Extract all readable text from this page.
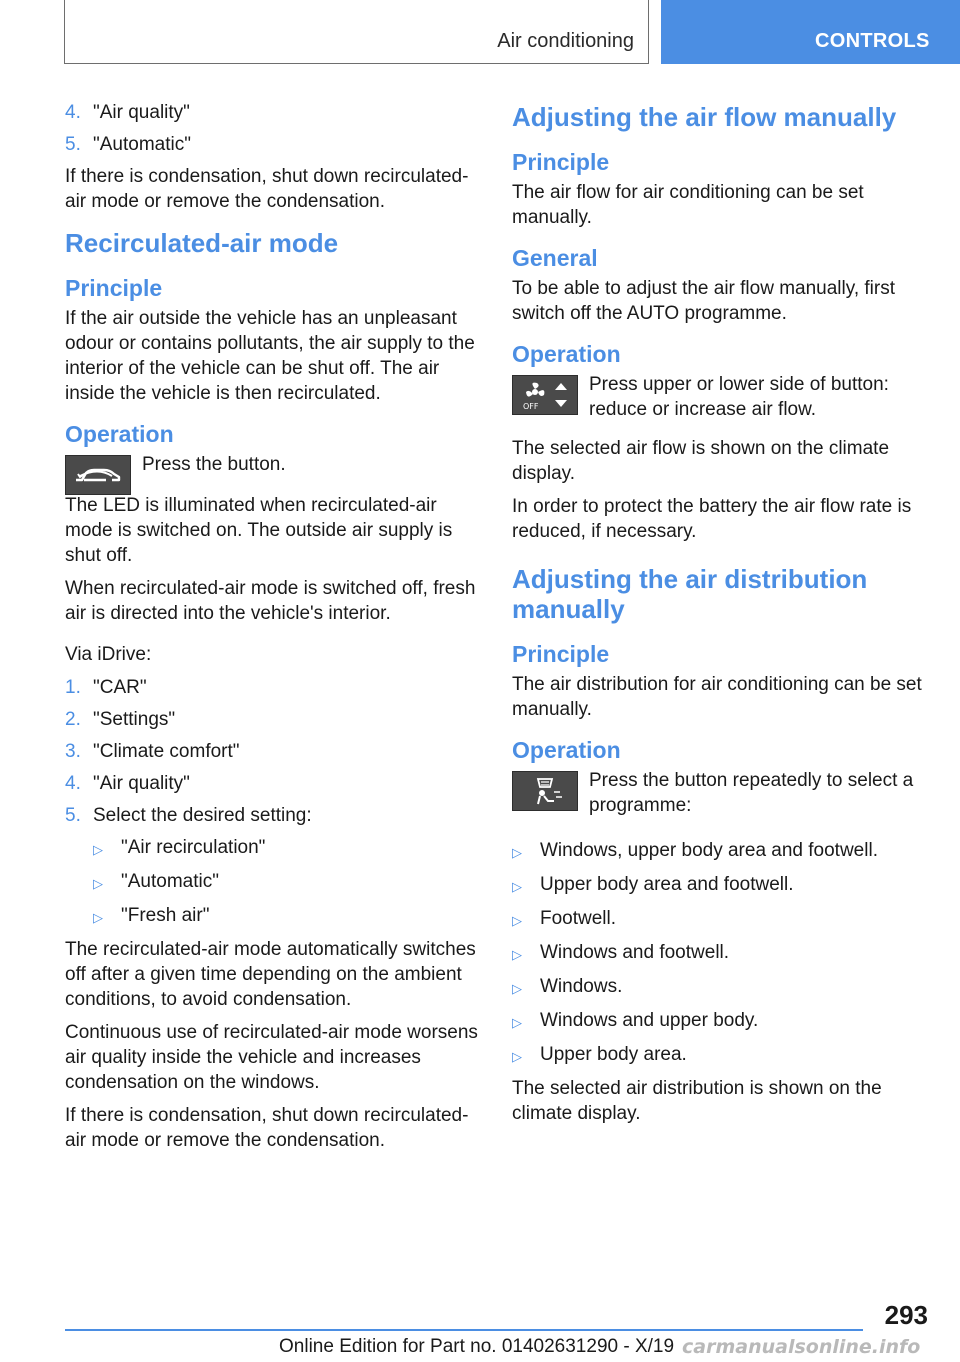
Air conditioning	CONTROLS
4. "Air quality"
5. "Automatic"

If there is condensation, shut down recirculated-air mode or remove the condensation.

Recirculated-air mode
Principle

If the air outside the vehicle has an unpleasant odour or contains pollutants, the air supply to the interior of the vehicle can be shut off. The air inside the vehicle is then recirculated.

Operation

Press the button.

The LED is illuminated when recirculated-air mode is switched on. The outside air supply is shut off.

When recirculated-air mode is switched off, fresh air is directed into the vehicle's interior.

Via iDrive:

1. "CAR"
2. "Settings"
3. "Climate comfort"
4. "Air quality"
5. Select the desired setting:
▷ "Air recirculation"
▷ "Automatic"
▷ "Fresh air"

The recirculated-air mode automatically switches off after a given time depending on the ambient conditions, to avoid condensation.

Continuous use of recirculated-air mode worsens air quality inside the vehicle and increases condensation on the windows.

If there is condensation, shut down recirculated-air mode or remove the condensation.

Adjusting the air flow manually
Principle

The air flow for air conditioning can be set manually.

General

To be able to adjust the air flow manually, first switch off the AUTO programme.

Operation
OFF

Press upper or lower side of button: reduce or increase air flow.

The selected air flow is shown on the climate display.

In order to protect the battery the air flow rate is reduced, if necessary.

Adjusting the air distribution manually
Principle

The air distribution for air conditioning can be set manually.

Operation

Press the button repeatedly to select a programme:

▷ Windows, upper body area and footwell.
▷ Upper body area and footwell.
▷ Footwell.
▷ Windows and footwell.
▷ Windows.
▷ Windows and upper body.
▷ Upper body area.

The selected air distribution is shown on the climate display.

293
Online Edition for Part no. 01402631290 - X/19 carmanualsonline.info
